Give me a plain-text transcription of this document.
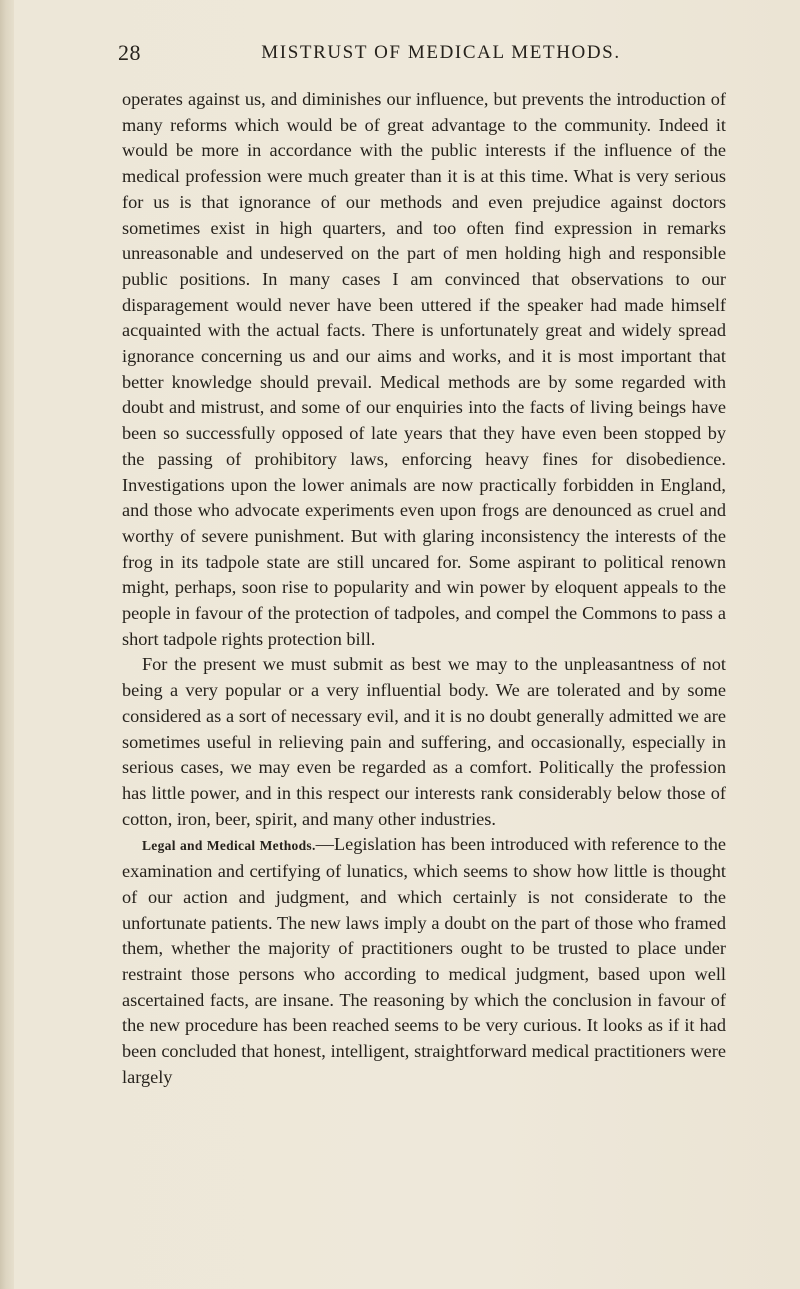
28	MISTRUST OF MEDICAL METHODS.

operates against us, and diminishes our influence, but prevents the introduction of many reforms which would be of great advantage to the community. Indeed it would be more in accordance with the public interests if the influence of the medical profession were much greater than it is at this time. What is very serious for us is that ignorance of our methods and even prejudice against doctors sometimes exist in high quarters, and too often find expression in remarks unreasonable and undeserved on the part of men holding high and responsible public positions. In many cases I am convinced that observations to our disparagement would never have been uttered if the speaker had made himself acquainted with the actual facts. There is unfortunately great and widely spread ignorance concerning us and our aims and works, and it is most important that better knowledge should prevail. Medical methods are by some regarded with doubt and mistrust, and some of our enquiries into the facts of living beings have been so successfully opposed of late years that they have even been stopped by the passing of prohibitory laws, enforcing heavy fines for disobedience. Investigations upon the lower animals are now practically forbidden in England, and those who advocate experiments even upon frogs are denounced as cruel and worthy of severe punishment. But with glaring inconsistency the interests of the frog in its tadpole state are still uncared for. Some aspirant to political renown might, perhaps, soon rise to popularity and win power by eloquent appeals to the people in favour of the protection of tadpoles, and compel the Commons to pass a short tadpole rights protection bill.

For the present we must submit as best we may to the unpleasantness of not being a very popular or a very influential body. We are tolerated and by some considered as a sort of necessary evil, and it is no doubt generally admitted we are sometimes useful in relieving pain and suffering, and occasionally, especially in serious cases, we may even be regarded as a comfort. Politically the profession has little power, and in this respect our interests rank considerably below those of cotton, iron, beer, spirit, and many other industries.

Legal and Medical Methods.—Legislation has been introduced with reference to the examination and certifying of lunatics, which seems to show how little is thought of our action and judgment, and which certainly is not considerate to the unfortunate patients. The new laws imply a doubt on the part of those who framed them, whether the majority of practitioners ought to be trusted to place under restraint those persons who according to medical judgment, based upon well ascertained facts, are insane. The reasoning by which the conclusion in favour of the new procedure has been reached seems to be very curious. It looks as if it had been concluded that honest, intelligent, straightforward medical practitioners were largely
